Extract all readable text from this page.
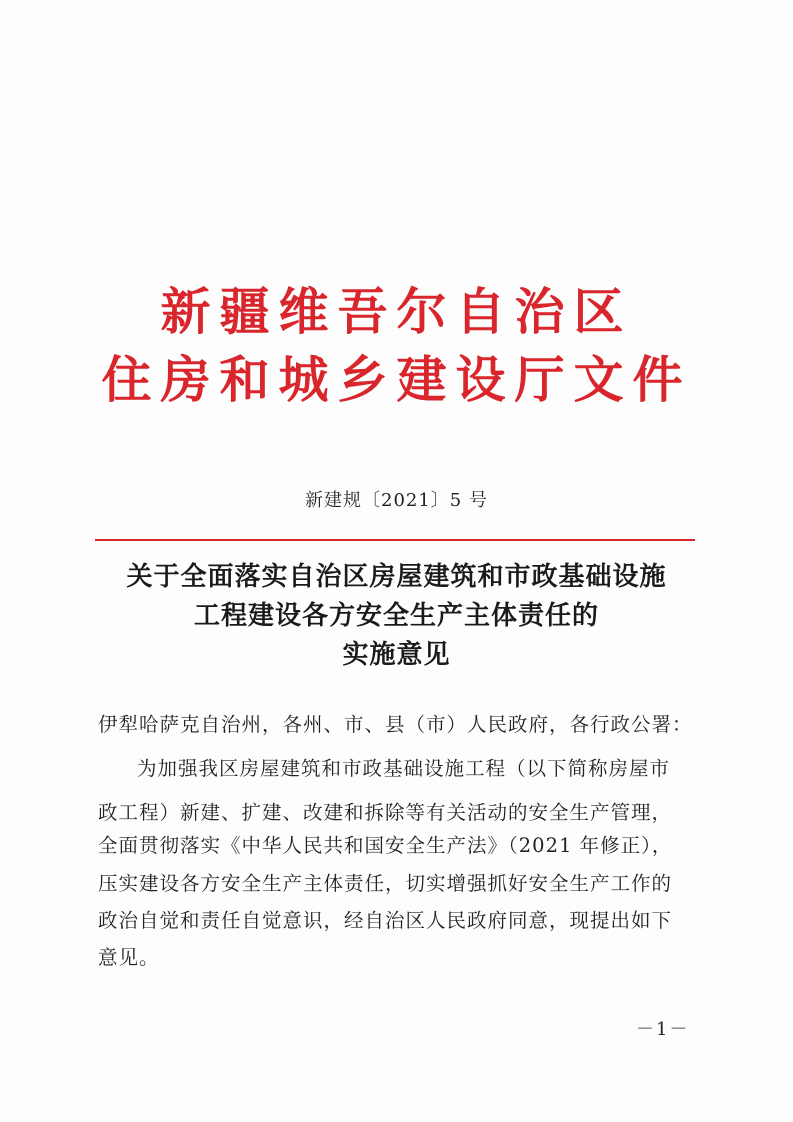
新疆维吾尔自治区
住房和城乡建设厅文件
新建规〔2021〕5 号
关于全面落实自治区房屋建筑和市政基础设施
工程建设各方安全生产主体责任的
实施意见
伊犁哈萨克自治州，各州、市、县（市）人民政府，各行政公署：
为加强我区房屋建筑和市政基础设施工程（以下简称房屋市
政工程）新建、扩建、改建和拆除等有关活动的安全生产管理，
全面贯彻落实《中华人民共和国安全生产法》（2021 年修正），
压实建设各方安全生产主体责任，切实增强抓好安全生产工作的
政治自觉和责任自觉意识，经自治区人民政府同意，现提出如下
意见。
－1－
